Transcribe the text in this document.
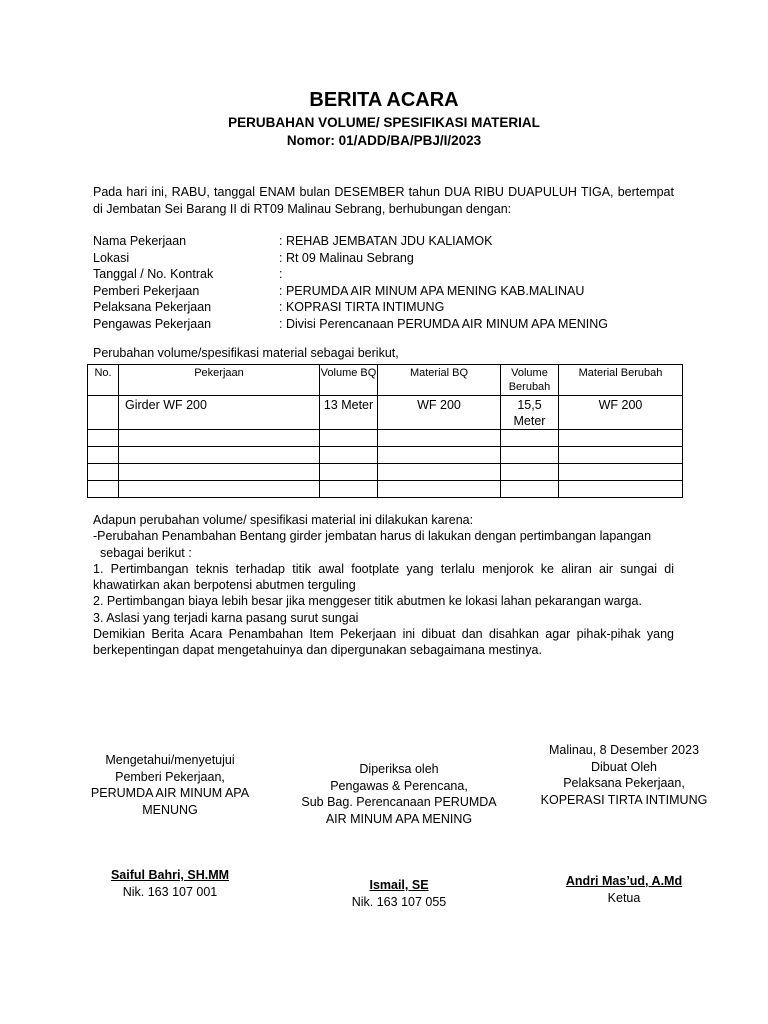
BERITA ACARA

PERUBAHAN VOLUME/ SPESIFIKASI MATERIAL

Nomor: 01/ADD/BA/PBJ/I/2023

Pada hari ini, RABU, tanggal ENAM bulan DESEMBER tahun DUA RIBU DUAPULUH TIGA, bertempat di Jembatan Sei Barang II di RT09 Malinau Sebrang, berhubungan dengan:

Nama Pekerjaan	: REHAB JEMBATAN JDU KALIAMOK
Lokasi	: Rt 09 Malinau Sebrang
Tanggal / No. Kontrak	:
Pemberi Pekerjaan	: PERUMDA AIR MINUM APA MENING KAB.MALINAU
Pelaksana Pekerjaan	: KOPRASI TIRTA INTIMUNG
Pengawas Pekerjaan	: Divisi Perencanaan PERUMDA AIR MINUM APA MENING

Perubahan volume/spesifikasi material sebagai berikut,

No.	Pekerjaan	Volume BQ	Material BQ	Volume Berubah	Material Berubah
	Girder WF 200	13 Meter	WF 200	15,5 Meter	WF 200

Adapun perubahan volume/ spesifikasi material ini dilakukan karena:

-Perubahan Penambahan Bentang girder jembatan harus di lakukan dengan pertimbangan lapangan

sebagai berikut :

1. Pertimbangan teknis terhadap titik awal footplate yang terlalu menjorok ke aliran air sungai di khawatirkan akan berpotensi abutmen terguling

2. Pertimbangan biaya lebih besar jika menggeser titik abutmen ke lokasi lahan pekarangan warga.

3. Aslasi yang terjadi karna pasang surut sungai

Demikian Berita Acara Penambahan Item Pekerjaan ini dibuat dan disahkan agar pihak-pihak yang berkepentingan dapat mengetahuinya dan dipergunakan sebagaimana mestinya.

Mengetahui/menyetujui

Pemberi Pekerjaan,

PERUMDA AIR MINUM APA

MENUNG

Saiful Bahri, SH.MM

Nik. 163 107 001

Diperiksa oleh

Pengawas & Perencana,

Sub Bag. Perencanaan PERUMDA

AIR MINUM APA MENING

Ismail, SE

Nik. 163 107 055

Malinau, 8 Desember 2023

Dibuat Oleh

Pelaksana Pekerjaan,

KOPERASI TIRTA INTIMUNG

Andri Mas’ud, A.Md

Ketua
